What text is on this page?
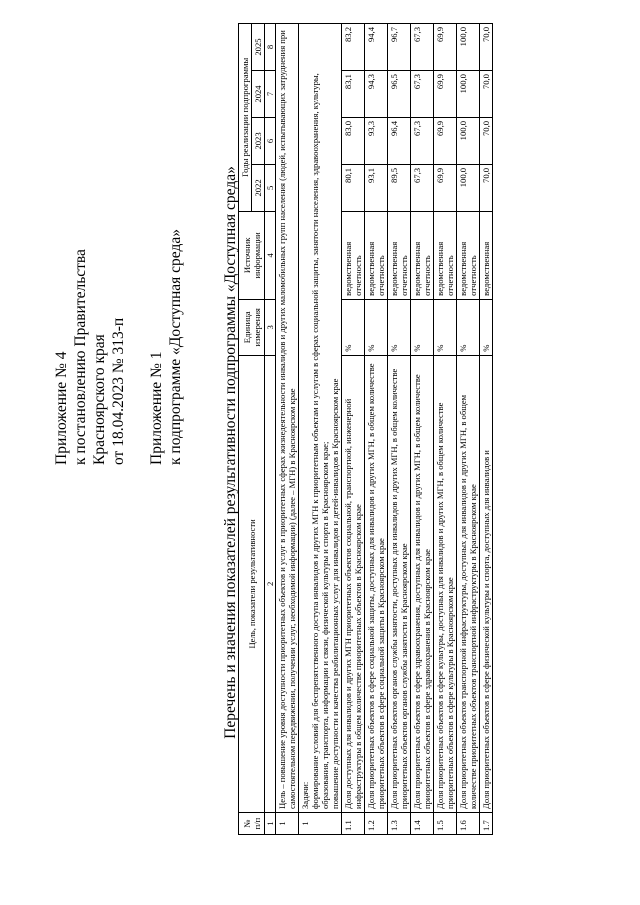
Приложение № 4 к постановлению Правительства Красноярского края от 18.04.2023 № 313-п Приложение № 1 к подпрограмме «Доступная среда» Перечень и значения показателей результативности подпрограммы «Доступная среда»
№ п/п	Цель, показатели результативности	Единица измерения	Источник информации	Годы реализации подпрограммы			
				2022	2023	2024	2025
1	2	3	4	5	6	7	8
1	Цель – повышение уровня доступности приоритетных объектов и услуг в приоритетных сферах жизнедеятельности инвалидов и других маломобильных групп населения (людей, испытывающих затруднения при самостоятельном передвижении, получении услуг, необходимой информации) (далее – МГН) в Красноярском крае						
1	Задачи: формирование условий для беспрепятственного доступа инвалидов и других МГН к приоритетным объектам и услугам в сферах социальной защиты, занятости населения, здравоохранения, культуры, образования, транспорта, информации и связи, физической культуры и спорта в Красноярском крае; повышение доступности и качества реабилитационных услуг для инвалидов и детей-инвалидов в Красноярском крае						

1.1	Доля доступных для инвалидов и других МГН приоритетных объектов социальной, транспортной, инженерной инфраструктуры в общем количестве приоритетных объектов в Красноярском крае	%	ведомственная отчетность	80,1	83,0	83,1	83,2
1.2	Доля приоритетных объектов в сфере социальной защиты, доступных для инвалидов и других МГН, в общем количестве приоритетных объектов в сфере социальной защиты в Красноярском крае	%	ведомственная отчетность	93,1	93,3	94,3	94,4
1.3	Доля приоритетных объектов органов службы занятости, доступных для инвалидов и других МГН, в общем количестве приоритетных объектов органов службы занятости в Красноярском крае	%	ведомственная отчетность	89,5	96,4	96,5	96,7
1.4	Доля приоритетных объектов в сфере здравоохранения, доступных для инвалидов и других МГН, в общем количестве приоритетных объектов в сфере здравоохранения в Красноярском крае	%	ведомственная отчетность	67,3	67,3	67,3	67,3
1.5	Доля приоритетных объектов в сфере культуры, доступных для инвалидов и других МГН, в общем количестве приоритетных объектов в сфере культуры в Красноярском крае	%	ведомственная отчетность	69,9	69,9	69,9	69,9
1.6	Доля приоритетных объектов транспортной инфраструктуры, доступных для инвалидов и других МГН, в общем количестве приоритетных объектов транспортной инфраструктуры в Красноярском крае	%	ведомственная отчетность	100,0	100,0	100,0	100,0
1.7	Доля приоритетных объектов в сфере физической культуры и спорта, доступных для инвалидов и	%	ведомственная	70,0	70,0	70,0	70,0
